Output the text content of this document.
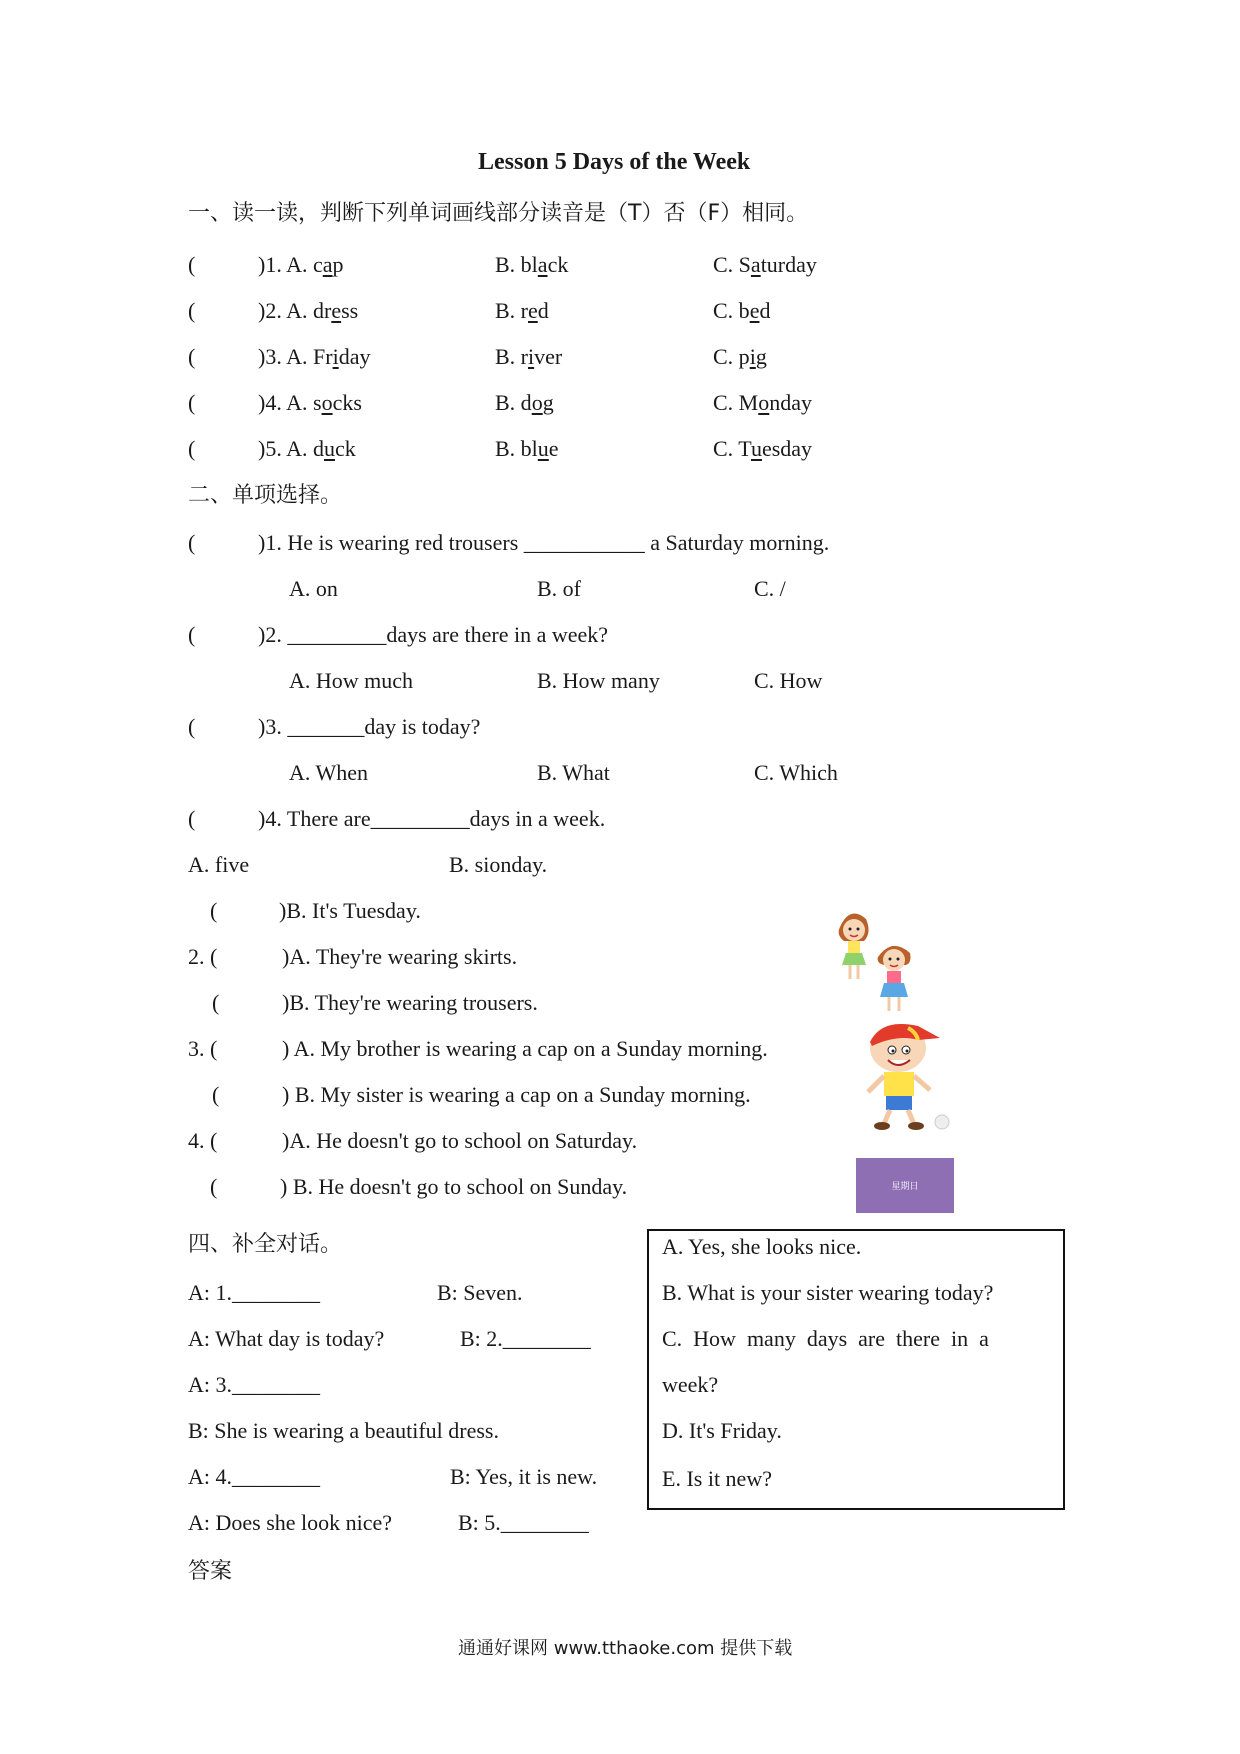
Lesson 5 Days of the Week
一、读一读，判断下列单词画线部分读音是（T）否（F）相同。
(	)1. A. cap	B. black	C. Saturday
(	)2. A. dress	B. red	C. bed
(	)3. A. Friday	B. river	C. pig
(	)4. A. socks	B. dog	C. Monday
(	)5. A. duck	B. blue	C. Tuesday
二、单项选择。
(	)1. He is wearing red trousers ___________ a Saturday morning.
A. on	B. of	C. /
(	)2. _________days are there in a week?
A. How much	B. How many	C. How
(	)3. _______day is today?
A. When	B. What	C. Which
(	)4. There are_________days in a week.
A. five	B. sionday.
(	)B. It's Tuesday.
2. (	)A. They're wearing skirts.
(	)B. They're wearing trousers.
3. (	) A. My brother is wearing a cap on a Sunday morning.
(	) B. My sister is wearing a cap on a Sunday morning.
4. (	)A. He doesn't go to school on Saturday.
(	) B. He doesn't go to school on Sunday.	星期日
四、补全对话。
A: 1.________	B: Seven.
A: What day is today?	B: 2.________
A: 3.________
B: She is wearing a beautiful dress.
A: 4.________	B: Yes, it is new.
A: Does she look nice?	B: 5.________
A. Yes, she looks nice.
B. What is your sister wearing today?
C.  How  many  days  are  there  in  a
week?
D. It's Friday.
E. Is it new?
答案
通通好课网 www.tthaoke.com 提供下载
